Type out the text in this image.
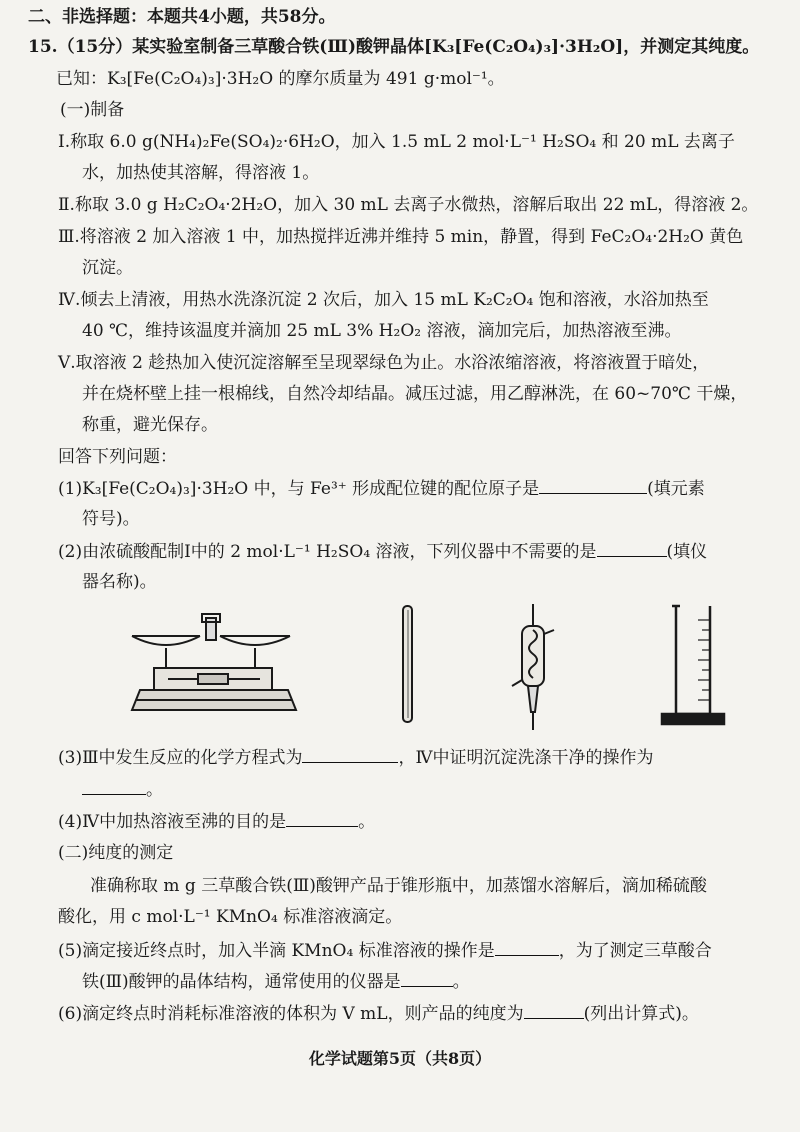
二、非选择题：本题共4小题，共58分。
15.（15分）某实验室制备三草酸合铁(Ⅲ)酸钾晶体[K₃[Fe(C₂O₄)₃]·3H₂O]，并测定其纯度。
已知：K₃[Fe(C₂O₄)₃]·3H₂O 的摩尔质量为 491 g·mol⁻¹。
(一)制备
Ⅰ.称取 6.0 g(NH₄)₂Fe(SO₄)₂·6H₂O，加入 1.5 mL 2 mol·L⁻¹ H₂SO₄ 和 20 mL 去离子
水，加热使其溶解，得溶液 1。
Ⅱ.称取 3.0 g H₂C₂O₄·2H₂O，加入 30 mL 去离子水微热，溶解后取出 22 mL，得溶液 2。
Ⅲ.将溶液 2 加入溶液 1 中，加热搅拌近沸并维持 5 min，静置，得到 FeC₂O₄·2H₂O 黄色
沉淀。
Ⅳ.倾去上清液，用热水洗涤沉淀 2 次后，加入 15 mL K₂C₂O₄ 饱和溶液，水浴加热至
40 ℃，维持该温度并滴加 25 mL 3% H₂O₂ 溶液，滴加完后，加热溶液至沸。
Ⅴ.取溶液 2 趁热加入使沉淀溶解至呈现翠绿色为止。水浴浓缩溶液，将溶液置于暗处，
并在烧杯壁上挂一根棉线，自然冷却结晶。减压过滤，用乙醇淋洗，在 60~70℃ 干燥，
称重，避光保存。
回答下列问题：
(1)K₃[Fe(C₂O₄)₃]·3H₂O 中，与 Fe³⁺ 形成配位键的配位原子是	(填元素
符号)。
(2)由浓硫酸配制Ⅰ中的 2 mol·L⁻¹ H₂SO₄ 溶液，下列仪器中不需要的是	(填仪
器名称)。
(3)Ⅲ中发生反应的化学方程式为	，Ⅳ中证明沉淀洗涤干净的操作为
。
(4)Ⅳ中加热溶液至沸的目的是	。
(二)纯度的测定
准确称取 m g 三草酸合铁(Ⅲ)酸钾产品于锥形瓶中，加蒸馏水溶解后，滴加稀硫酸
酸化，用 c mol·L⁻¹ KMnO₄ 标准溶液滴定。
(5)滴定接近终点时，加入半滴 KMnO₄ 标准溶液的操作是	，为了测定三草酸合
铁(Ⅲ)酸钾的晶体结构，通常使用的仪器是	。
(6)滴定终点时消耗标准溶液的体积为 V mL，则产品的纯度为	(列出计算式)。
化学试题第5页（共8页）
